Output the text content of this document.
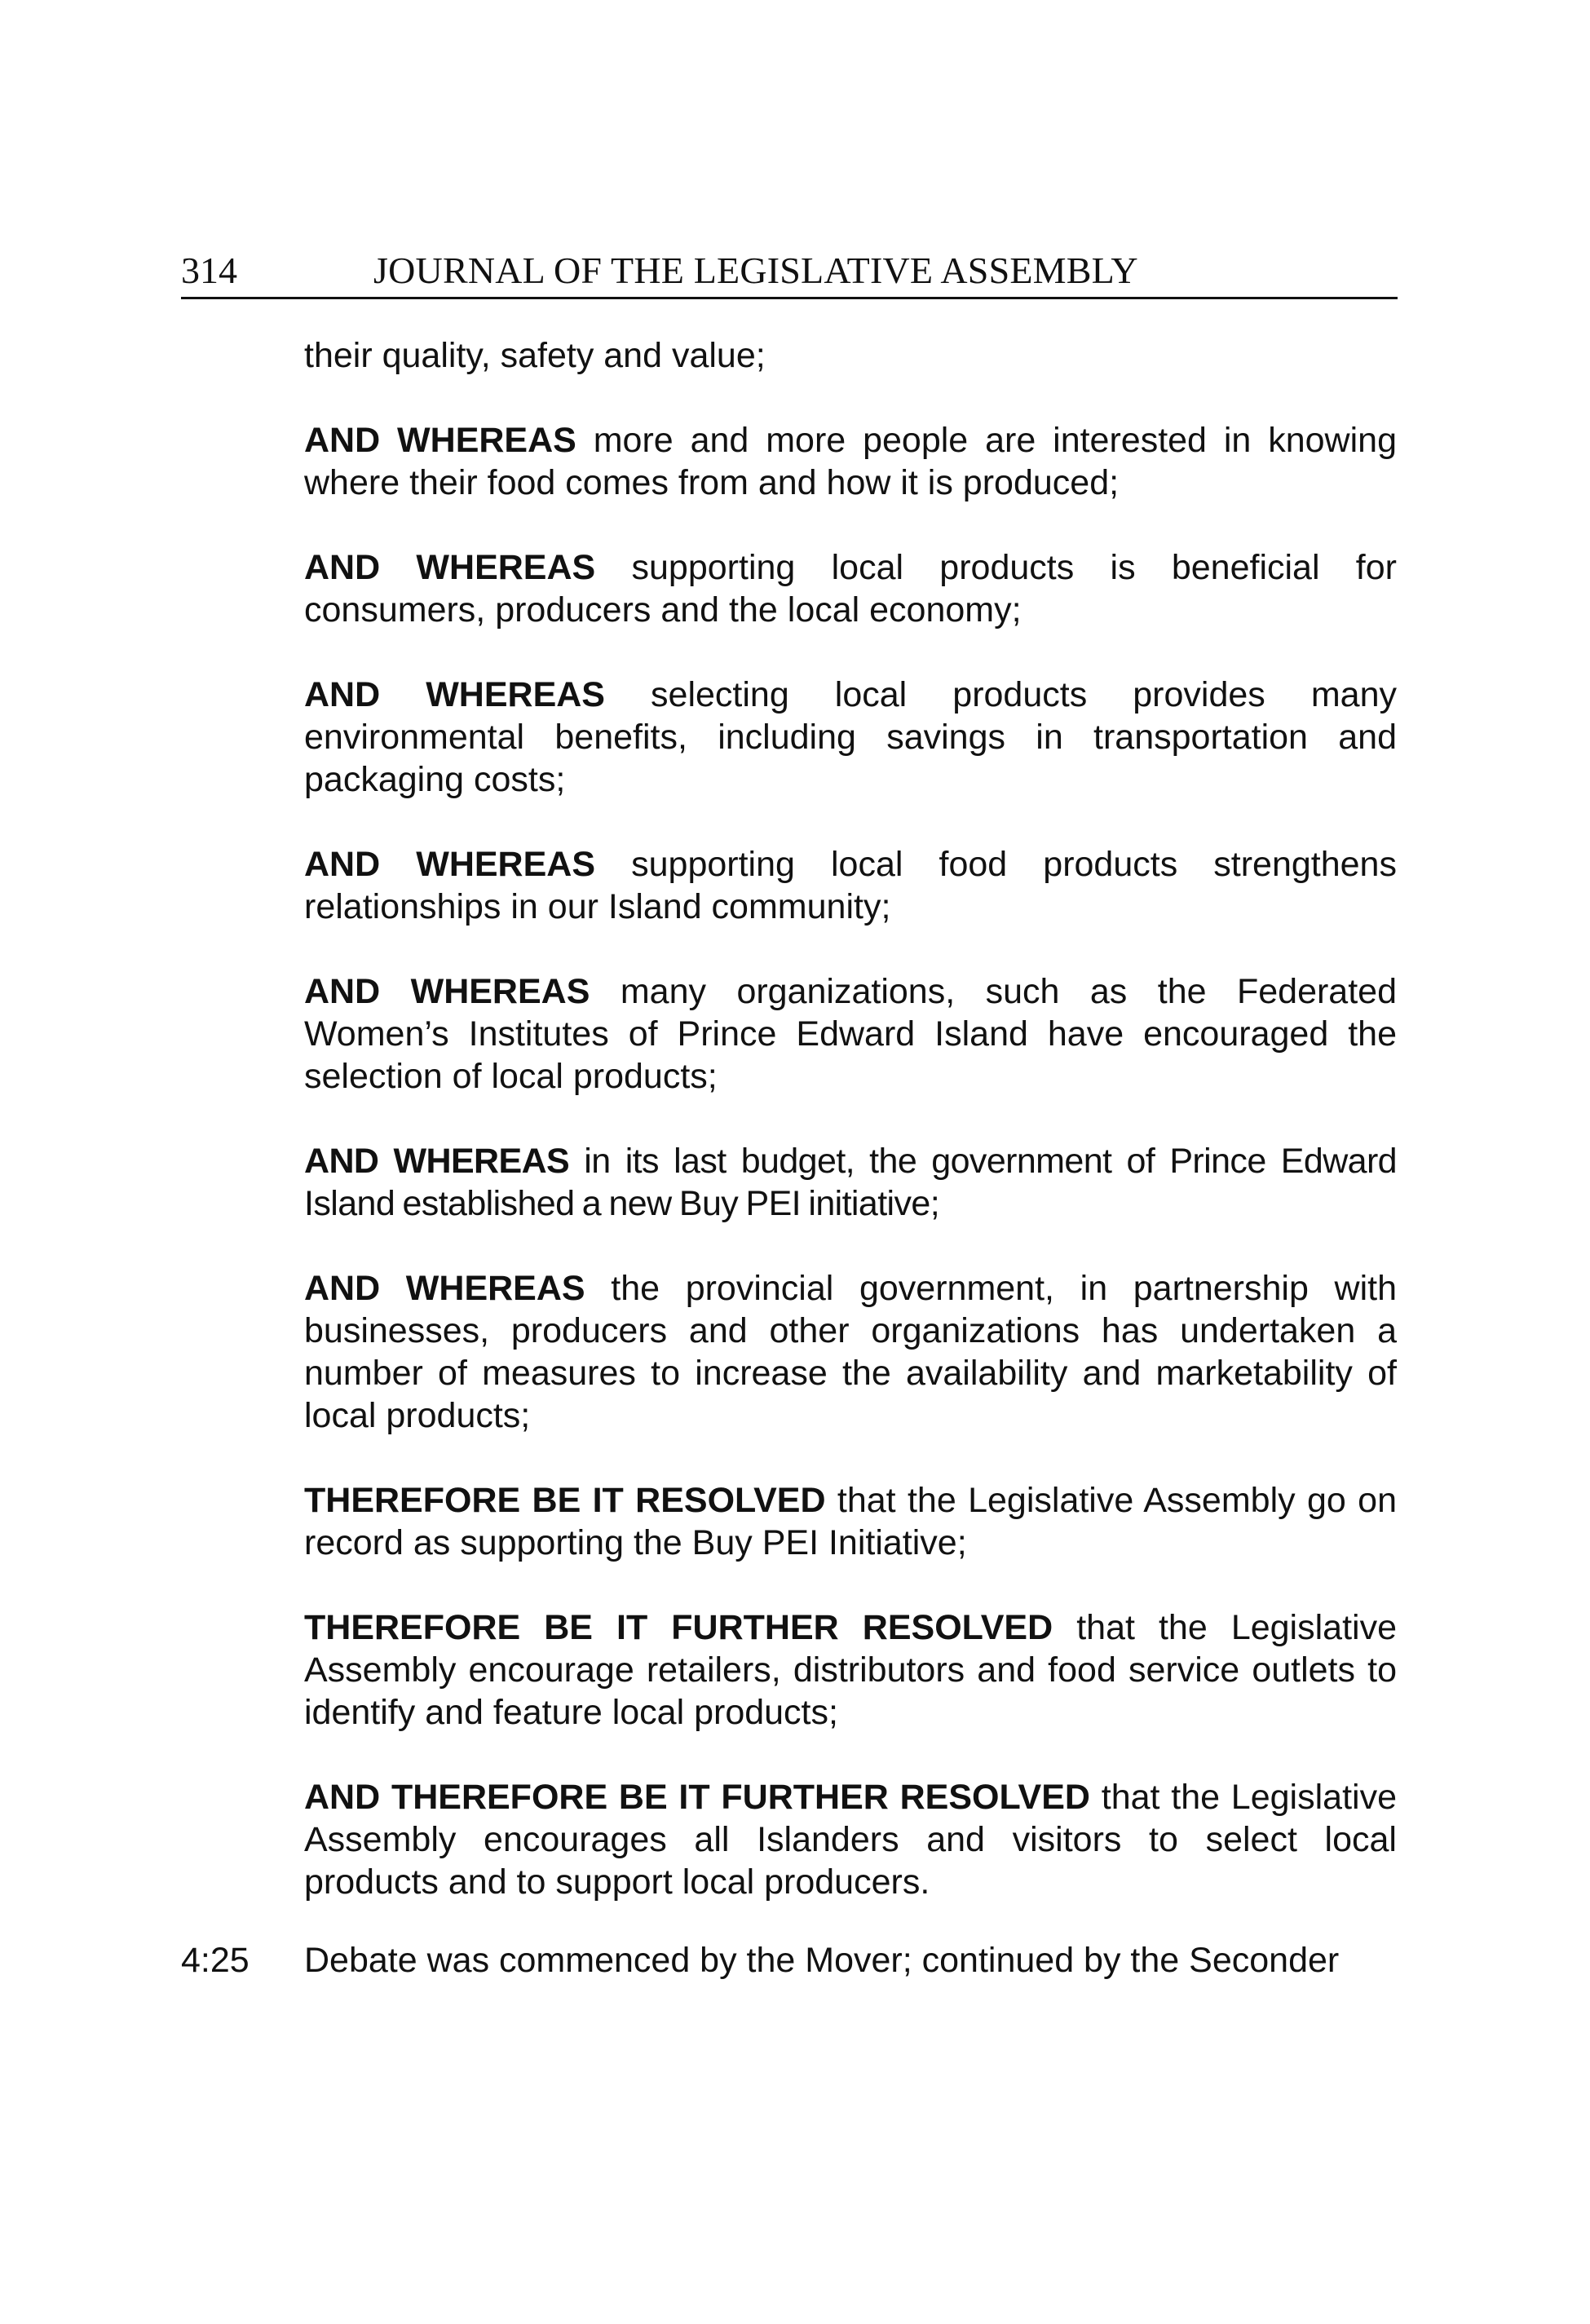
314	JOURNAL OF THE LEGISLATIVE ASSEMBLY

their quality, safety and value;

AND WHEREAS more and more people are interested in knowing where their food comes from and how it is produced;

AND WHEREAS supporting local products is beneficial for consumers, producers and the local economy;

AND WHEREAS selecting local products provides many environmental benefits, including savings in transportation and packaging costs;

AND WHEREAS supporting local food products strengthens relationships in our Island community;

AND WHEREAS many organizations, such as the Federated Women’s Institutes of Prince Edward Island have encouraged the selection of local products;

AND WHEREAS in its last budget, the government of Prince Edward Island established a new Buy PEI initiative;

AND WHEREAS the provincial government, in partnership with businesses, producers and other organizations has undertaken a number of measures to increase the availability and marketability of local products;

THEREFORE BE IT RESOLVED that the Legislative Assembly go on record as supporting the Buy PEI Initiative;

THEREFORE BE IT FURTHER RESOLVED that the Legislative Assembly encourage retailers, distributors and food service outlets to identify and feature local products;

AND THEREFORE BE IT FURTHER RESOLVED that the Legislative Assembly encourages all Islanders and visitors to select local products and to support local producers.

4:25 Debate was commenced by the Mover; continued by the Seconder
